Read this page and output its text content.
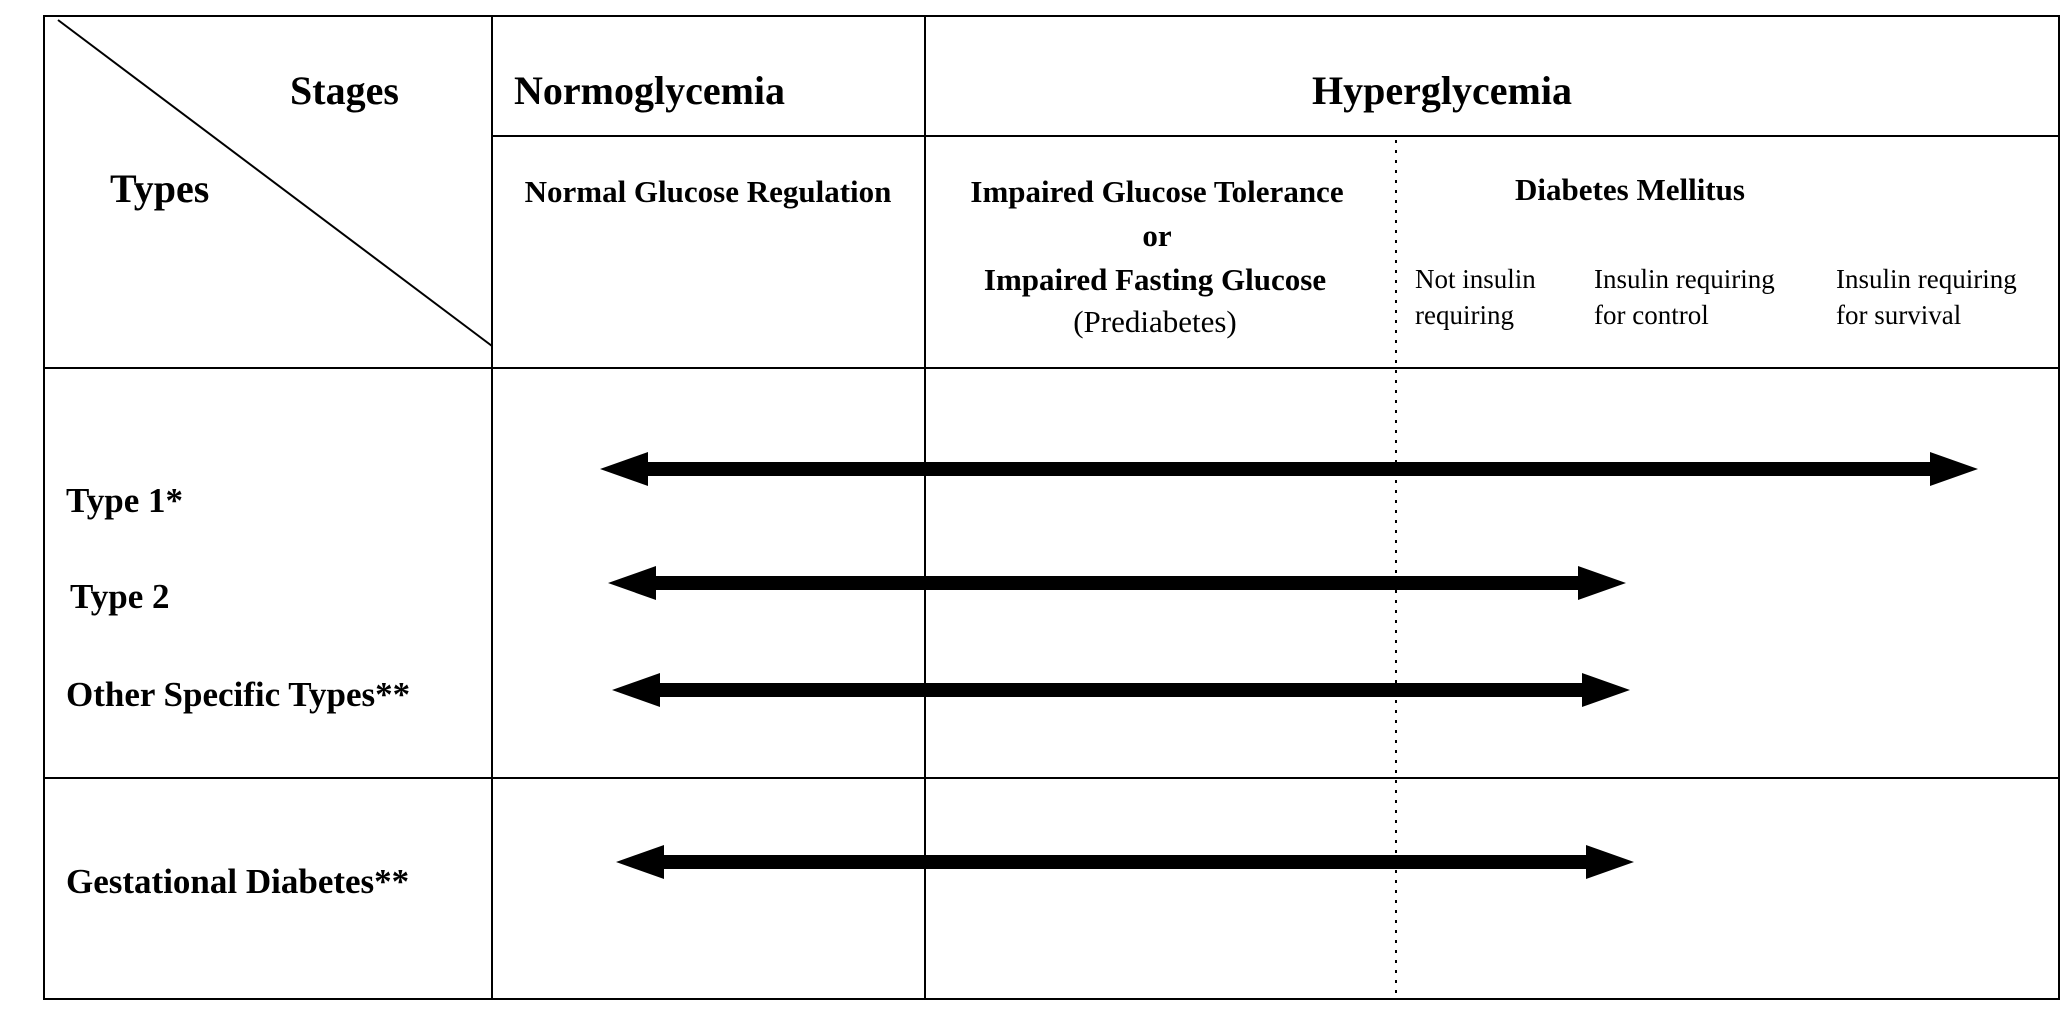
Stages
Types
Normoglycemia	Hyperglycemia
Normal Glucose Regulation	Impaired Glucose Tolerance
or
Impaired Fasting Glucose
(Prediabetes)
Diabetes Mellitus
Not insulin
requiring
Insulin requiring
for control
Insulin requiring
for survival
Type 1*
Type 2
Other Specific Types**
Gestational Diabetes**
